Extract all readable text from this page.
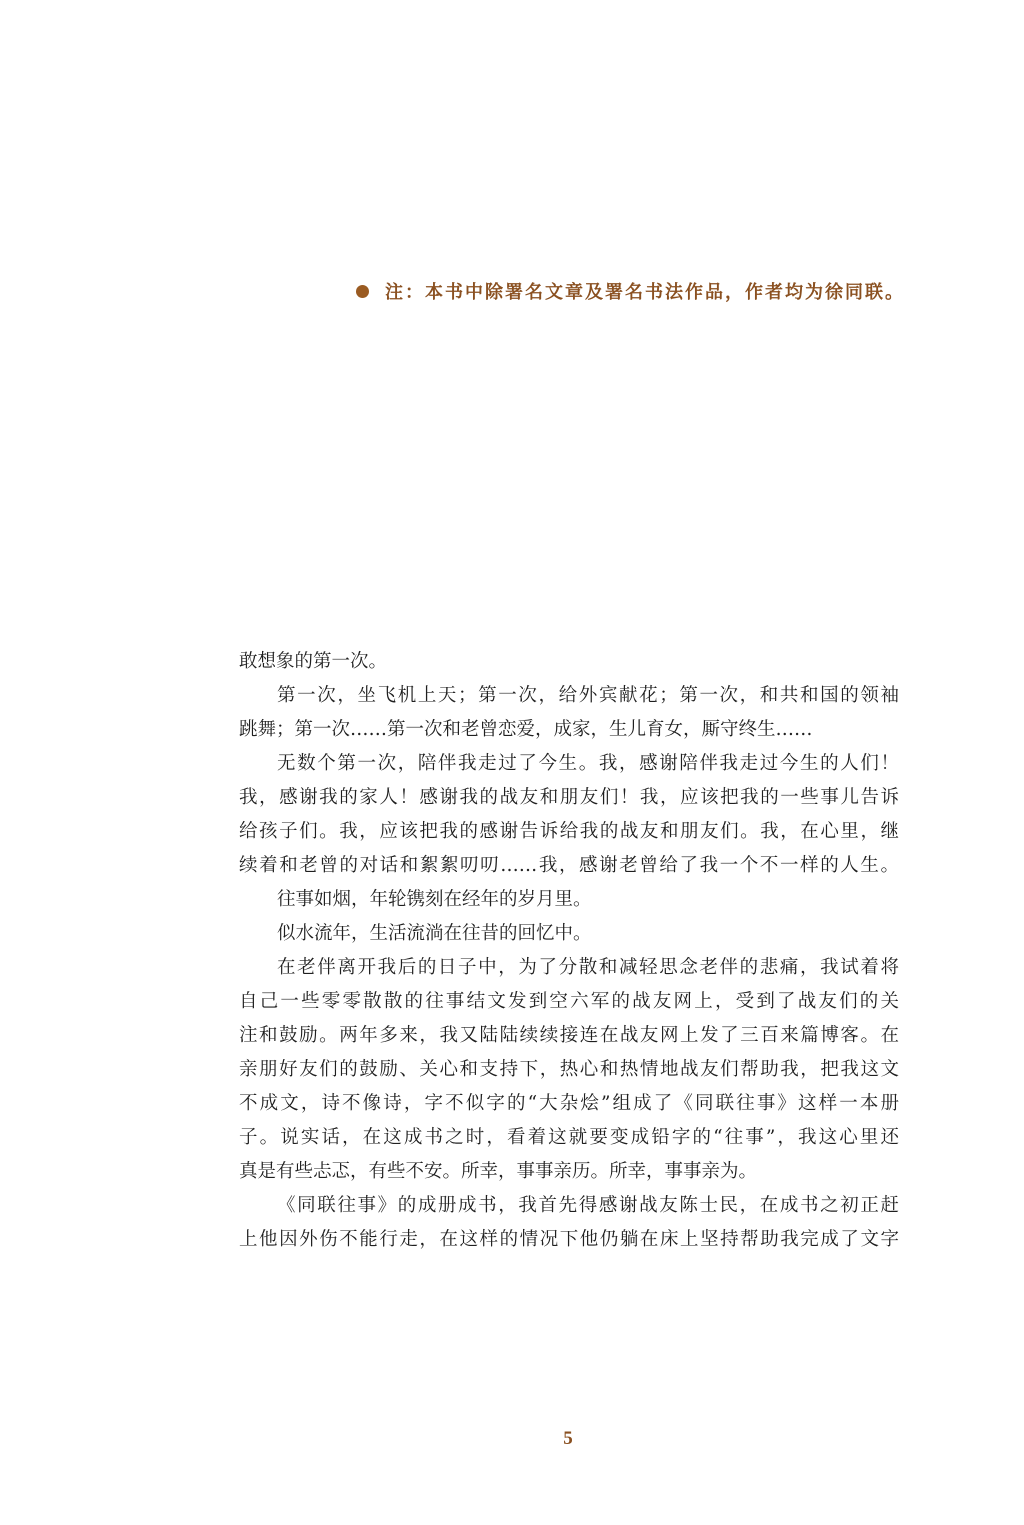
注：本书中除署名文章及署名书法作品，作者均为徐同联。
敢想象的第一次。
第一次，坐飞机上天；第一次，给外宾献花；第一次，和共和国的领袖
跳舞；第一次……第一次和老曾恋爱，成家，生儿育女，厮守终生……
无数个第一次，陪伴我走过了今生。我，感谢陪伴我走过今生的人们！
我，感谢我的家人！感谢我的战友和朋友们！我，应该把我的一些事儿告诉
给孩子们。我，应该把我的感谢告诉给我的战友和朋友们。我，在心里，继
续着和老曾的对话和絮絮叨叨……我，感谢老曾给了我一个不一样的人生。
往事如烟，年轮镌刻在经年的岁月里。
似水流年，生活流淌在往昔的回忆中。
在老伴离开我后的日子中，为了分散和减轻思念老伴的悲痛，我试着将
自己一些零零散散的往事结文发到空六军的战友网上，受到了战友们的关
注和鼓励。两年多来，我又陆陆续续接连在战友网上发了三百来篇博客。在
亲朋好友们的鼓励、关心和支持下，热心和热情地战友们帮助我，把我这文
不成文，诗不像诗，字不似字的“大杂烩”组成了《同联往事》这样一本册
子。说实话，在这成书之时，看着这就要变成铅字的“往事”，我这心里还
真是有些忐忑，有些不安。所幸，事事亲历。所幸，事事亲为。
《同联往事》的成册成书，我首先得感谢战友陈士民，在成书之初正赶
上他因外伤不能行走，在这样的情况下他仍躺在床上坚持帮助我完成了文字
5
